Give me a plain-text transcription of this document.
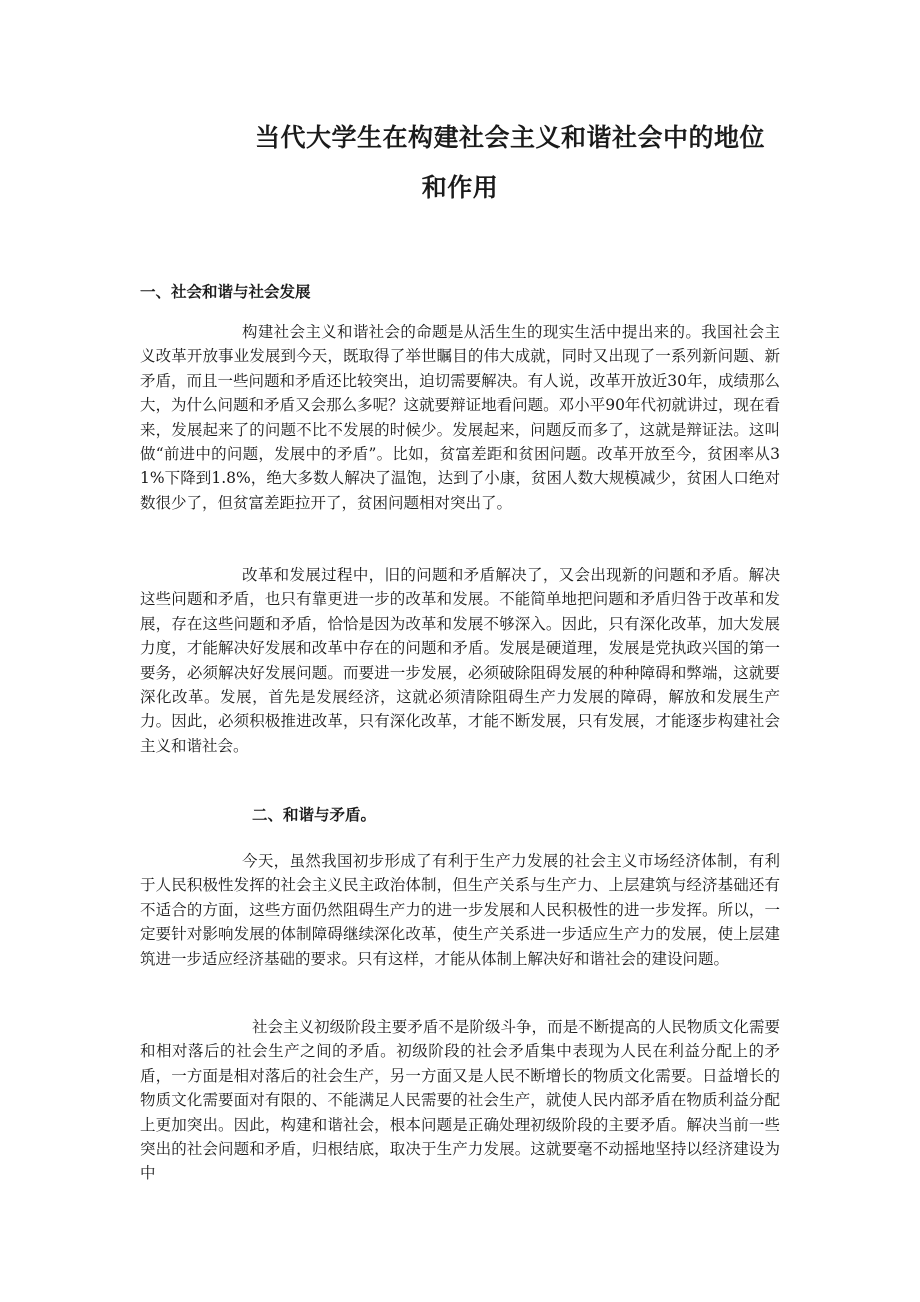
当代大学生在构建社会主义和谐社会中的地位
和作用
一、社会和谐与社会发展

构建社会主义和谐社会的命题是从活生生的现实生活中提出来的。我国社会主义改革开放事业发展到今天，既取得了举世瞩目的伟大成就，同时又出现了一系列新问题、新矛盾，而且一些问题和矛盾还比较突出，迫切需要解决。有人说，改革开放近30年，成绩那么大，为什么问题和矛盾又会那么多呢？这就要辩证地看问题。邓小平90年代初就讲过，现在看来，发展起来了的问题不比不发展的时候少。发展起来，问题反而多了，这就是辩证法。这叫做“前进中的问题，发展中的矛盾”。比如，贫富差距和贫困问题。改革开放至今，贫困率从31%下降到1.8%，绝大多数人解决了温饱，达到了小康，贫困人数大规模减少，贫困人口绝对数很少了，但贫富差距拉开了，贫困问题相对突出了。

改革和发展过程中，旧的问题和矛盾解决了，又会出现新的问题和矛盾。解决这些问题和矛盾，也只有靠更进一步的改革和发展。不能简单地把问题和矛盾归咎于改革和发展，存在这些问题和矛盾，恰恰是因为改革和发展不够深入。因此，只有深化改革，加大发展力度，才能解决好发展和改革中存在的问题和矛盾。发展是硬道理，发展是党执政兴国的第一要务，必须解决好发展问题。而要进一步发展，必须破除阻碍发展的种种障碍和弊端，这就要深化改革。发展，首先是发展经济，这就必须清除阻碍生产力发展的障碍，解放和发展生产力。因此，必须积极推进改革，只有深化改革，才能不断发展，只有发展，才能逐步构建社会主义和谐社会。

二、和谐与矛盾。

今天，虽然我国初步形成了有利于生产力发展的社会主义市场经济体制，有利于人民积极性发挥的社会主义民主政治体制，但生产关系与生产力、上层建筑与经济基础还有不适合的方面，这些方面仍然阻碍生产力的进一步发展和人民积极性的进一步发挥。所以，一定要针对影响发展的体制障碍继续深化改革，使生产关系进一步适应生产力的发展，使上层建筑进一步适应经济基础的要求。只有这样，才能从体制上解决好和谐社会的建设问题。

社会主义初级阶段主要矛盾不是阶级斗争，而是不断提高的人民物质文化需要和相对落后的社会生产之间的矛盾。初级阶段的社会矛盾集中表现为人民在利益分配上的矛盾，一方面是相对落后的社会生产，另一方面又是人民不断增长的物质文化需要。日益增长的物质文化需要面对有限的、不能满足人民需要的社会生产，就使人民内部矛盾在物质利益分配上更加突出。因此，构建和谐社会，根本问题是正确处理初级阶段的主要矛盾。解决当前一些突出的社会问题和矛盾，归根结底，取决于生产力发展。这就要毫不动摇地坚持以经济建设为中
